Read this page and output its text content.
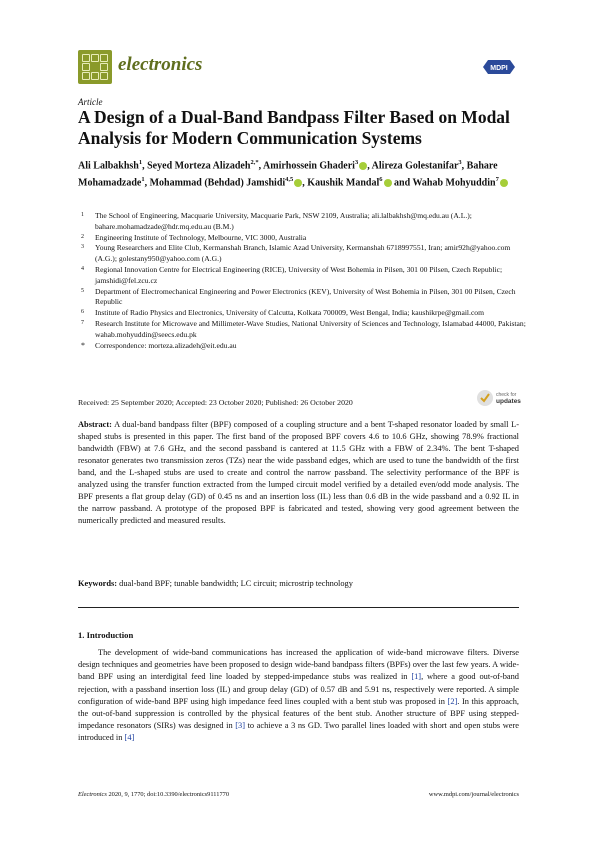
electronics	MDPI
Article
A Design of a Dual-Band Bandpass Filter Based on Modal Analysis for Modern Communication Systems
Ali Lalbakhsh$^1$, Seyed Morteza Alizadeh$^{2,*}$, Amirhossein Ghaderi$^3$ , Alireza Golestanifar$^3$, Bahare Mohamadzade$^1$, Mohammad (Behdad) Jamshidi$^{4,5}$ , Kaushik Mandal$^6$ and Wahab Mohyuddin$^7$
1 The School of Engineering, Macquarie University, Macquarie Park, NSW 2109, Australia; ali.lalbakhsh@mq.edu.au (A.L.); bahare.mohamadzade@hdr.mq.edu.au (B.M.)
2 Engineering Institute of Technology, Melbourne, VIC 3000, Australia
3 Young Researchers and Elite Club, Kermanshah Branch, Islamic Azad University, Kermanshah 6718997551, Iran; amir92h@yahoo.com (A.G.); golestany950@yahoo.com (A.G.)
4 Regional Innovation Centre for Electrical Engineering (RICE), University of West Bohemia in Pilsen, 301 00 Pilsen, Czech Republic; jamshidi@fel.zcu.cz
5 Department of Electromechanical Engineering and Power Electronics (KEV), University of West Bohemia in Pilsen, 301 00 Pilsen, Czech Republic
6 Institute of Radio Physics and Electronics, University of Calcutta, Kolkata 700009, West Bengal, India; kaushikrpe@gmail.com
7 Research Institute for Microwave and Millimeter-Wave Studies, National University of Sciences and Technology, Islamabad 44000, Pakistan; wahab.mohyuddin@seecs.edu.pk
* Correspondence: morteza.alizadeh@eit.edu.au
Received: 25 September 2020; Accepted: 23 October 2020; Published: 26 October 2020
check for
updates
Abstract: A dual-band bandpass filter (BPF) composed of a coupling structure and a bent T-shaped resonator loaded by small L-shaped stubs is presented in this paper. The first band of the proposed BPF covers 4.6 to 10.6 GHz, showing 78.9% fractional bandwidth (FBW) at 7.6 GHz, and the second passband is cantered at 11.5 GHz with a FBW of 2.34%. The bent T-shaped resonator generates two transmission zeros (TZs) near the wide passband edges, which are used to tune the bandwidth of the first band, and the L-shaped stubs are used to create and control the narrow passband. The selectivity performance of the BPF is analyzed using the transfer function extracted from the lumped circuit model verified by a detailed even/odd mode analysis. The BPF presents a flat group delay (GD) of 0.45 ns and an insertion loss (IL) less than 0.6 dB in the wide passband and a 0.92 IL in the narrow passband. A prototype of the proposed BPF is fabricated and tested, showing very good agreement between the numerically predicted and measured results.
Keywords: dual-band BPF; tunable bandwidth; LC circuit; microstrip technology
1. Introduction
The development of wide-band communications has increased the application of wide-band microwave filters. Diverse design techniques and geometries have been proposed to design wide-band bandpass filters (BPFs) over the last few years. A wide-band BPF using an interdigital feed line loaded by stepped-impedance stubs was realized in [1], where a good out-of-band rejection, with a passband insertion loss (IL) and group delay (GD) of 0.57 dB and 5.91 ns, respectively were reported. A simple configuration of wide-band BPF using high impedance feed lines coupled with a bent stub was proposed in [2]. In this approach, the out-of-band suppression is controlled by the physical features of the bent stub. Another structure of BPF using stepped-impedance resonators (SIRs) was designed in [3] to achieve a 3 ns GD. Two parallel lines loaded with short and open stubs were introduced in [4]
Electronics 2020, 9, 1770; doi:10.3390/electronics9111770	www.mdpi.com/journal/electronics
